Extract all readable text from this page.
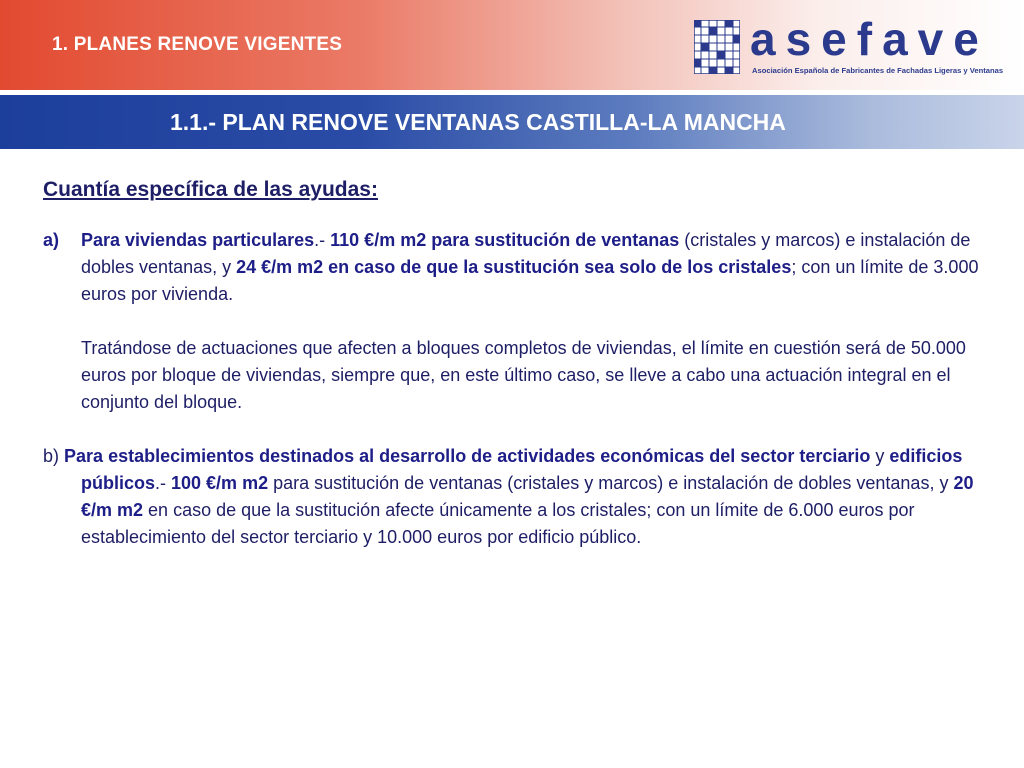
1. PLANES RENOVE VIGENTES	asefave
Asociación Española de Fabricantes de Fachadas Ligeras y Ventanas
1.1.- PLAN RENOVE VENTANAS CASTILLA-LA MANCHA
Cuantía específica de las ayudas:
a) Para viviendas particulares.- 110 €/m m2 para sustitución de ventanas (cristales y marcos) e instalación de dobles ventanas, y 24 €/m m2 en caso de que la sustitución sea solo de los cristales; con un límite de 3.000 euros por vivienda.
Tratándose de actuaciones que afecten a bloques completos de viviendas, el límite en cuestión será de 50.000 euros por bloque de viviendas, siempre que, en este último caso, se lleve a cabo una actuación integral en el conjunto del bloque.
b) Para establecimientos destinados al desarrollo de actividades económicas del sector terciario y edificios públicos.- 100 €/m m2 para sustitución de ventanas (cristales y marcos) e instalación de dobles ventanas, y 20 €/m m2 en caso de que la sustitución afecte únicamente a los cristales; con un límite de 6.000 euros por establecimiento del sector terciario y 10.000 euros por edificio público.
